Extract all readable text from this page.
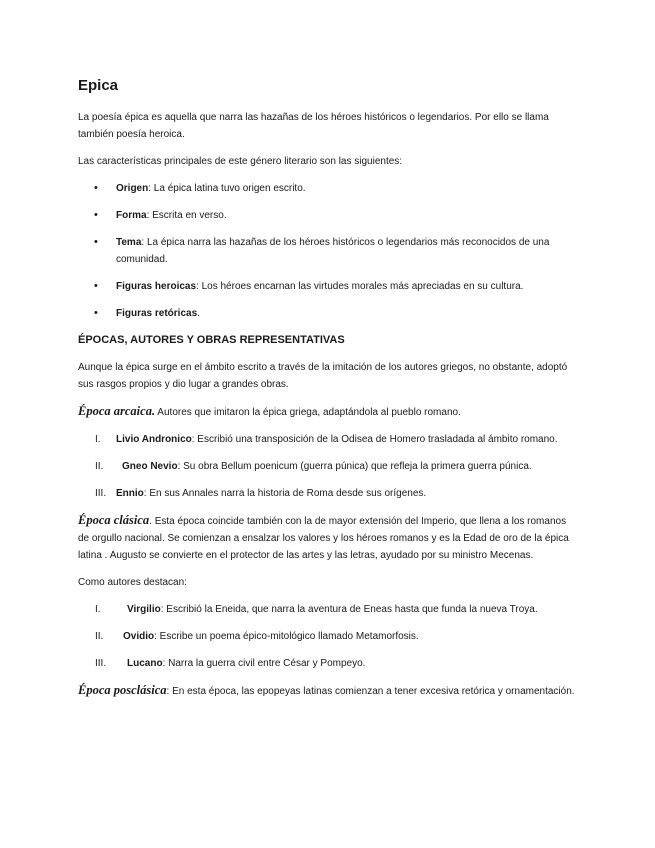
Epica

La poesía épica es aquella que narra las hazañas de los héroes históricos o legendarios. Por ello se llama también poesía heroica.

Las características principales de este género literario son las siguientes:

• Origen: La épica latina tuvo origen escrito.
• Forma: Escrita en verso.
• Tema: La épica narra las hazañas de los héroes históricos o legendarios más reconocidos de una comunidad.
• Figuras heroicas: Los héroes encarnan las virtudes morales más apreciadas en su cultura.
• Figuras retóricas.
ÉPOCAS, AUTORES Y OBRAS REPRESENTATIVAS

Aunque la épica surge en el ámbito escrito a través de la imitación de los autores griegos, no obstante, adoptó sus rasgos propios y dio lugar a grandes obras.

Época arcaica. Autores que imitaron la épica griega, adaptándola al pueblo romano.

I. Livio Andronico: Escribió una transposición de la Odisea de Homero trasladada al ámbito romano.
II. Gneo Nevio: Su obra Bellum poenicum (guerra púnica) que refleja la primera guerra púnica.
III. Ennio: En sus Annales narra la historia de Roma desde sus orígenes.

Época clásica. Esta época coincide también con la de mayor extensión del Imperio, que llena a los romanos de orgullo nacional. Se comienzan a ensalzar los valores y los héroes romanos y es la Edad de oro de la épica latina . Augusto se convierte en el protector de las artes y las letras, ayudado por su ministro Mecenas.

Como autores destacan:

I.	Virgilio: Escribió la Eneida, que narra la aventura de Eneas hasta que funda la nueva Troya.
II. Ovidio: Escribe un poema épico-mitológico llamado Metamorfosis.
III. Lucano: Narra la guerra civil entre César y Pompeyo.

Época posclásica: En esta época, las epopeyas latinas comienzan a tener excesiva retórica y ornamentación.
